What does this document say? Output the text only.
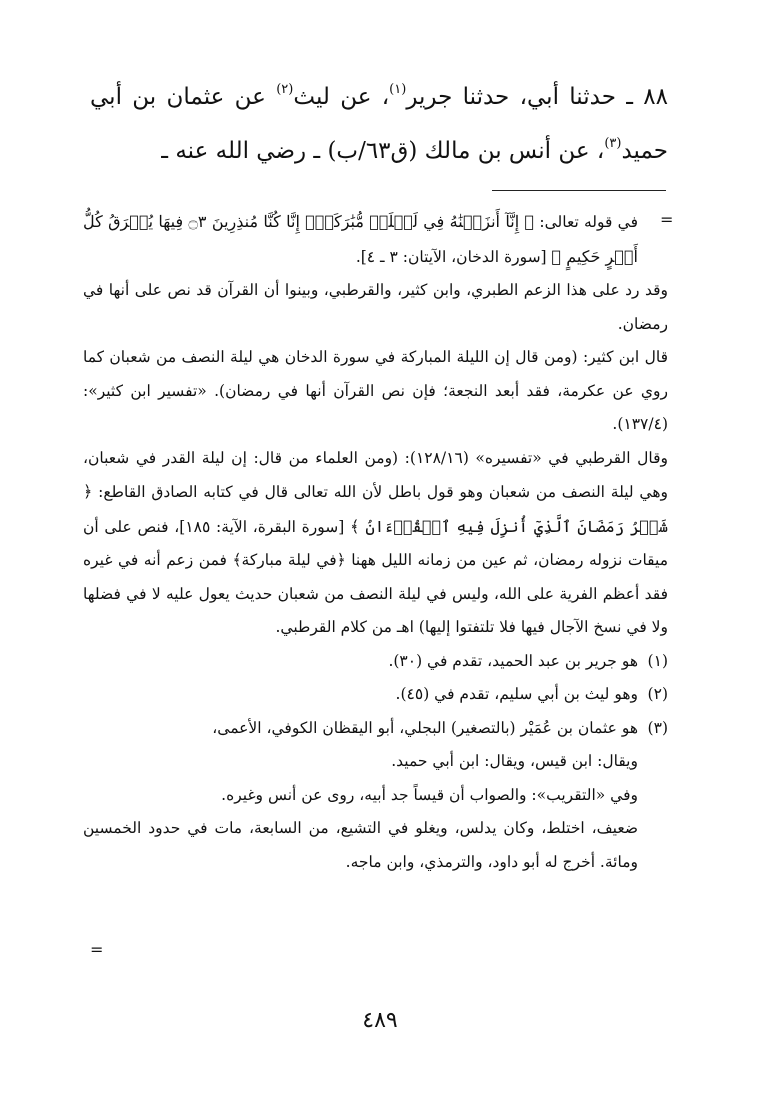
٨٨ ـ حدثنا أبي، حدثنا جرير$^{(١)}$، عن ليث$^{(٢)}$ عن عثمان بن أبي حميد$^{(٣)}$، عن أنس بن مالك (ق٦٣/ب) ـ رضي الله عنه ـ

=

في قوله تعالى: ﴿ إِنَّآ أَنزَلۡنَٰهُ فِي لَيۡلَةٖ مُّبَٰرَكَةٍۚ إِنَّا كُنَّا مُنذِرِينَ ۝٣ فِيهَا يُفۡرَقُ كُلُّ أَمۡرٍ حَكِيمٍ ﴾ [سورة الدخان، الآيتان: ٣ ـ ٤].

وقد رد على هذا الزعم الطبري، وابن كثير، والقرطبي، وبينوا أن القرآن قد نص على أنها في رمضان.

قال ابن كثير: (ومن قال إن الليلة المباركة في سورة الدخان هي ليلة النصف من شعبان كما روي عن عكرمة، فقد أبعد النجعة؛ فإن نص القرآن أنها في رمضان). «تفسير ابن كثير»: (١٣٧/٤).

وقال القرطبي في «تفسيره» (١٢٨/١٦): (ومن العلماء من قال: إن ليلة القدر في شعبان، وهي ليلة النصف من شعبان وهو قول باطل لأن الله تعالى قال في كتابه الصادق القاطع: ﴿ شَهۡرُ رَمَضَانَ ٱلَّذِيٓ أُنزِلَ فِيهِ ٱلۡقُرۡءَانُ ﴾ [سورة البقرة، الآية: ١٨٥]، فنص على أن ميقات نزوله رمضان، ثم عين من زمانه الليل ههنا ﴿في ليلة مباركة﴾ فمن زعم أنه في غيره فقد أعظم الفرية على الله، وليس في ليلة النصف من شعبان حديث يعول عليه لا في فضلها ولا في نسخ الآجال فيها فلا تلتفتوا إليها) اهـ من كلام القرطبي.

(١)
هو جرير بن عبد الحميد، تقدم في (٣٠).
(٢)
وهو ليث بن أبي سليم، تقدم في (٤٥).
(٣)
هو عثمان بن عُمَيْر (بالتصغير) البجلي، أبو اليقظان الكوفي، الأعمى،
ويقال: ابن قيس، ويقال: ابن أبي حميد.
وفي «التقريب»: والصواب أن قيساً جد أبيه، روى عن أنس وغيره.
ضعيف، اختلط، وكان يدلس، ويغلو في التشيع، من السابعة، مات في حدود الخمسين ومائة. أخرج له أبو داود، والترمذي، وابن ماجه.
=
٤٨٩
